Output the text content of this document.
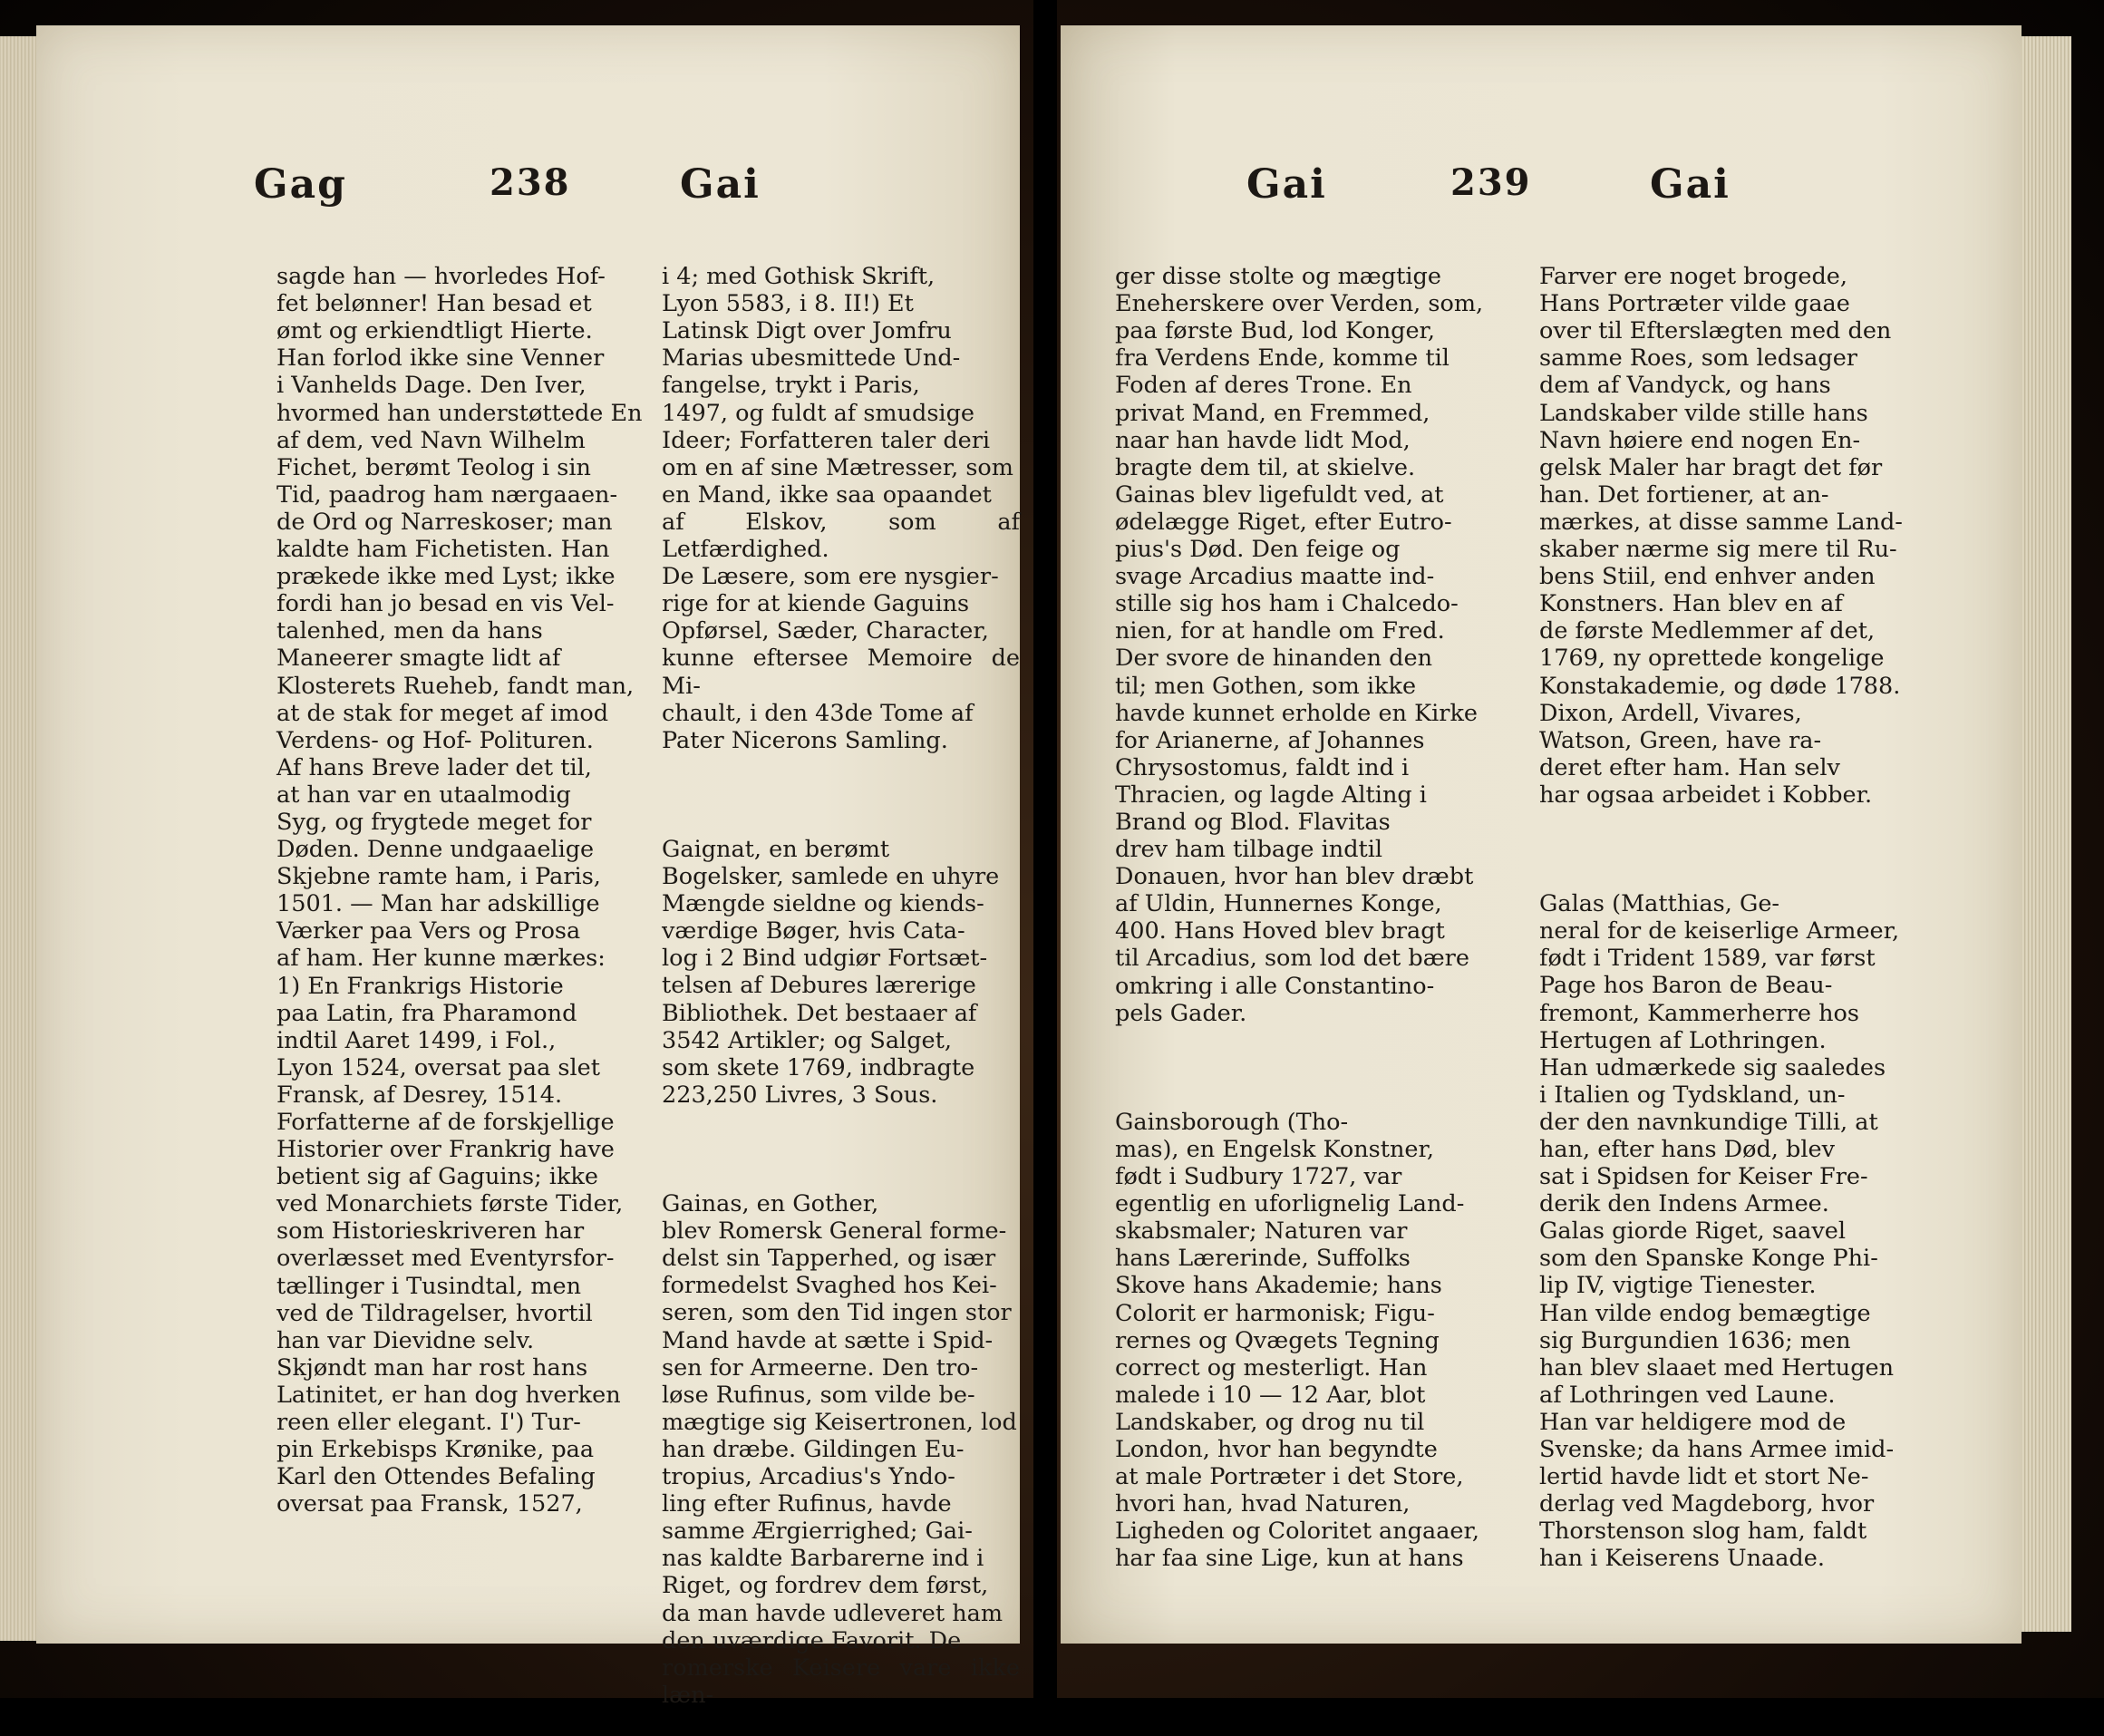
Gag	238	Gai

sagde han — hvorledes Hof-
fet belønner! Han besad et
ømt og erkiendtligt Hierte.
Han forlod ikke sine Venner
i Vanhelds Dage. Den Iver,
hvormed han understøttede En
af dem, ved Navn Wilhelm
Fichet, berømt Teolog i sin
Tid, paadrog ham nærgaaen-
de Ord og Narreskoser; man
kaldte ham Fichetisten. Han
prækede ikke med Lyst; ikke
fordi han jo besad en vis Vel-
talenhed, men da hans
Maneerer smagte lidt af
Klosterets Rueheb, fandt man,
at de stak for meget af imod
Verdens- og Hof- Polituren.
Af hans Breve lader det til,
at han var en utaalmodig
Syg, og frygtede meget for
Døden. Denne undgaaelige
Skjebne ramte ham, i Paris,
1501. — Man har adskillige
Værker paa Vers og Prosa
af ham. Her kunne mærkes:
1) En Frankrigs Historie
paa Latin, fra Pharamond
indtil Aaret 1499, i Fol.,
Lyon 1524, oversat paa slet
Fransk, af Desrey, 1514.
Forfatterne af de forskjellige
Historier over Frankrig have
betient sig af Gaguins; ikke
ved Monarchiets første Tider,
som Historieskriveren har
overlæsset med Eventyrsfor-
tællinger i Tusindtal, men
ved de Tildragelser, hvortil
han var Dievidne selv.
Skjøndt man har rost hans
Latinitet, er han dog hverken
reen eller elegant. I') Tur-
pin Erkebisps Krønike, paa
Karl den Ottendes Befaling
oversat paa Fransk, 1527,

i 4; med Gothisk Skrift,
Lyon 5583, i 8. II!) Et
Latinsk Digt over Jomfru
Marias ubesmittede Und-
fangelse, trykt i Paris,
1497, og fuldt af smudsige
Ideer; Forfatteren taler deri
om en af sine Mætresser, som
en Mand, ikke saa opaandet
af Elskov, som af Letfærdighed.
De Læsere, som ere nysgier-
rige for at kiende Gaguins
Opførsel, Sæder, Character,
kunne eftersee Memoire de Mi-
chault, i den 43de Tome af
Pater Nicerons Samling.

Gaignat, en berømt
Bogelsker, samlede en uhyre
Mængde sieldne og kiends-
værdige Bøger, hvis Cata-
log i 2 Bind udgiør Fortsæt-
telsen af Debures lærerige
Bibliothek. Det bestaaer af
3542 Artikler; og Salget,
som skete 1769, indbragte
223,250 Livres, 3 Sous.

Gainas, en Gother,
blev Romersk General forme-
delst sin Tapperhed, og især
formedelst Svaghed hos Kei-
seren, som den Tid ingen stor
Mand havde at sætte i Spid-
sen for Armeerne. Den tro-
løse Rufinus, som vilde be-
mægtige sig Keisertronen, lod
han dræbe. Gildingen Eu-
tropius, Arcadius's Yndo-
ling efter Rufinus, havde
samme Ærgierrighed; Gai-
nas kaldte Barbarerne ind i
Riget, og fordrev dem først,
da man havde udleveret ham
den uværdige Favorit. De
romerske Keisere vare ikke læn-

Gai	239	Gai

ger disse stolte og mægtige
Eneherskere over Verden, som,
paa første Bud, lod Konger,
fra Verdens Ende, komme til
Foden af deres Trone. En
privat Mand, en Fremmed,
naar han havde lidt Mod,
bragte dem til, at skielve.
Gainas blev ligefuldt ved, at
ødelægge Riget, efter Eutro-
pius's Død. Den feige og
svage Arcadius maatte ind-
stille sig hos ham i Chalcedo-
nien, for at handle om Fred.
Der svore de hinanden den
til; men Gothen, som ikke
havde kunnet erholde en Kirke
for Arianerne, af Johannes
Chrysostomus, faldt ind i
Thracien, og lagde Alting i
Brand og Blod. Flavitas
drev ham tilbage indtil
Donauen, hvor han blev dræbt
af Uldin, Hunnernes Konge,
400. Hans Hoved blev bragt
til Arcadius, som lod det bære
omkring i alle Constantino-
pels Gader.

Gainsborough (Tho-
mas), en Engelsk Konstner,
født i Sudbury 1727, var
egentlig en uforlignelig Land-
skabsmaler; Naturen var
hans Lærerinde, Suffolks
Skove hans Akademie; hans
Colorit er harmonisk; Figu-
rernes og Qvægets Tegning
correct og mesterligt. Han
malede i 10 — 12 Aar, blot
Landskaber, og drog nu til
London, hvor han begyndte
at male Portræter i det Store,
hvori han, hvad Naturen,
Ligheden og Coloritet angaaer,
har faa sine Lige, kun at hans

Farver ere noget brogede,
Hans Portræter vilde gaae
over til Efterslægten med den
samme Roes, som ledsager
dem af Vandyck, og hans
Landskaber vilde stille hans
Navn høiere end nogen En-
gelsk Maler har bragt det før
han. Det fortiener, at an-
mærkes, at disse samme Land-
skaber nærme sig mere til Ru-
bens Stiil, end enhver anden
Konstners. Han blev en af
de første Medlemmer af det,
1769, ny oprettede kongelige
Konstakademie, og døde 1788.
Dixon, Ardell, Vivares,
Watson, Green, have ra-
deret efter ham. Han selv
har ogsaa arbeidet i Kobber.

Galas (Matthias, Ge-
neral for de keiserlige Armeer,
født i Trident 1589, var først
Page hos Baron de Beau-
fremont, Kammerherre hos
Hertugen af Lothringen.
Han udmærkede sig saaledes
i Italien og Tydskland, un-
der den navnkundige Tilli, at
han, efter hans Død, blev
sat i Spidsen for Keiser Fre-
derik den Indens Armee.
Galas giorde Riget, saavel
som den Spanske Konge Phi-
lip IV, vigtige Tienester.
Han vilde endog bemægtige
sig Burgundien 1636; men
han blev slaaet med Hertugen
af Lothringen ved Laune.
Han var heldigere mod de
Svenske; da hans Armee imid-
lertid havde lidt et stort Ne-
derlag ved Magdeborg, hvor
Thorstenson slog ham, faldt
han i Keiserens Unaade.
